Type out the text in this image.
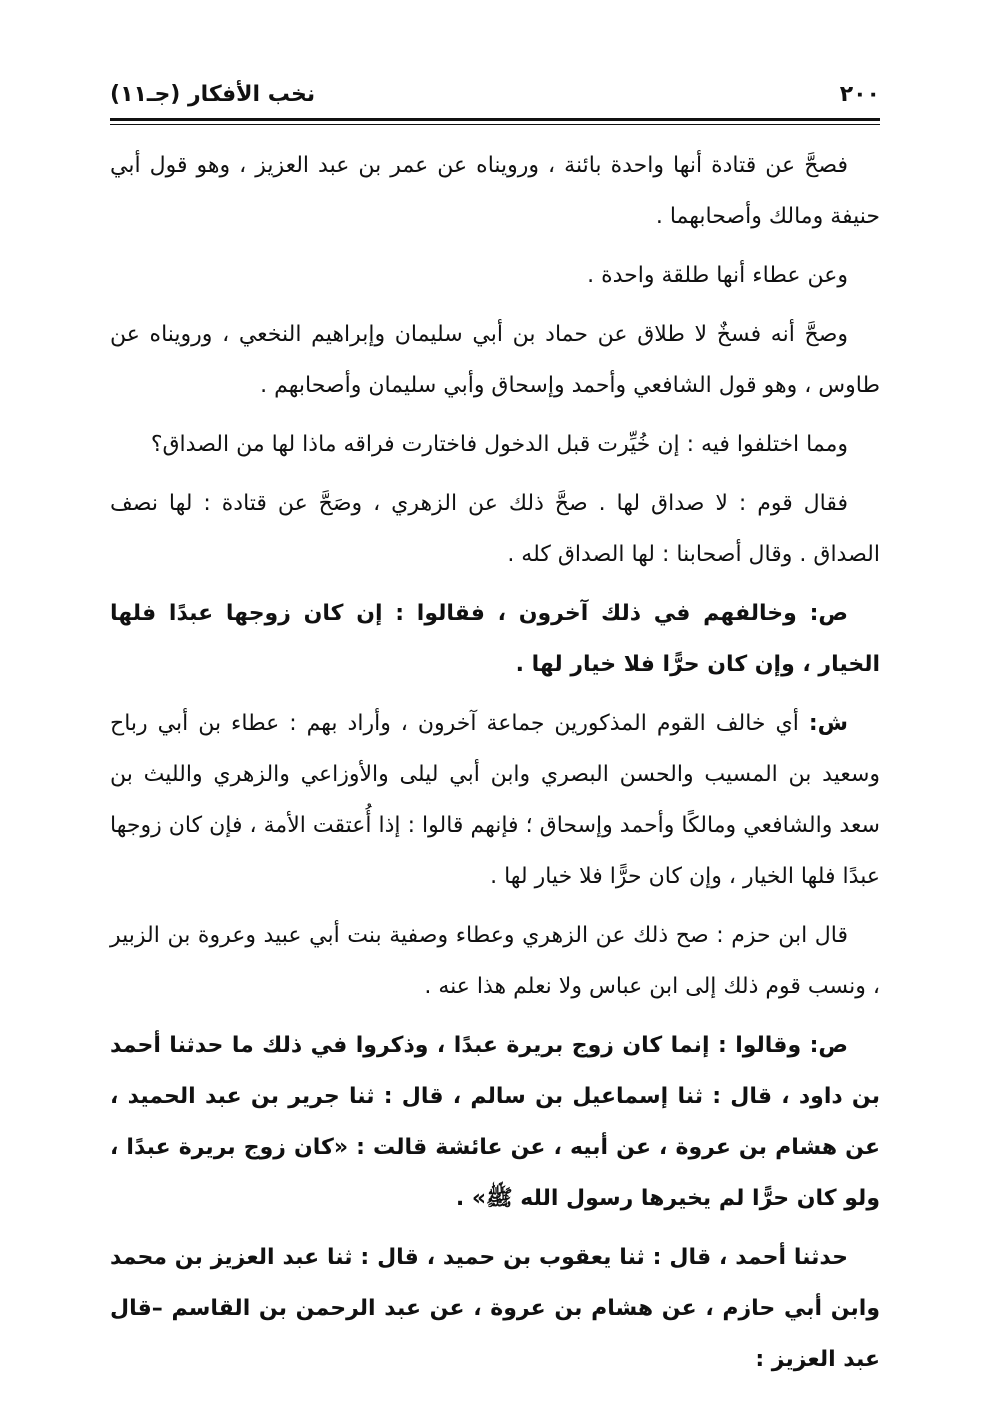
٢٠٠
نخب الأفكار (جـ١١)

فصحَّ عن قتادة أنها واحدة بائنة ، ورويناه عن عمر بن عبد العزيز ، وهو قول أبي حنيفة ومالك وأصحابهما .

وعن عطاء أنها طلقة واحدة .

وصحَّ أنه فسخٌ لا طلاق عن حماد بن أبي سليمان وإبراهيم النخعي ، ورويناه عن طاوس ، وهو قول الشافعي وأحمد وإسحاق وأبي سليمان وأصحابهم .

ومما اختلفوا فيه : إن خُيِّرت قبل الدخول فاختارت فراقه ماذا لها من الصداق؟

فقال قوم : لا صداق لها . صحَّ ذلك عن الزهري ، وصَحَّ عن قتادة : لها نصف الصداق . وقال أصحابنا : لها الصداق كله .

ص: وخالفهم في ذلك آخرون ، فقالوا : إن كان زوجها عبدًا فلها الخيار ، وإن كان حرًّا فلا خيار لها .

ش: أي خالف القوم المذكورين جماعة آخرون ، وأراد بهم : عطاء بن أبي رباح وسعيد بن المسيب والحسن البصري وابن أبي ليلى والأوزاعي والزهري والليث بن سعد والشافعي ومالكًا وأحمد وإسحاق ؛ فإنهم قالوا : إذا أُعتقت الأمة ، فإن كان زوجها عبدًا فلها الخيار ، وإن كان حرًّا فلا خيار لها .

قال ابن حزم : صح ذلك عن الزهري وعطاء وصفية بنت أبي عبيد وعروة بن الزبير ، ونسب قوم ذلك إلى ابن عباس ولا نعلم هذا عنه .

ص: وقالوا : إنما كان زوج بريرة عبدًا ، وذكروا في ذلك ما حدثنا أحمد بن داود ، قال : ثنا إسماعيل بن سالم ، قال : ثنا جرير بن عبد الحميد ، عن هشام بن عروة ، عن أبيه ، عن عائشة قالت : «كان زوج بريرة عبدًا ، ولو كان حرًّا لم يخيرها رسول الله ﷺ» .

حدثنا أحمد ، قال : ثنا يعقوب بن حميد ، قال : ثنا عبد العزيز بن محمد وابن أبي حازم ، عن هشام بن عروة ، عن عبد الرحمن بن القاسم –قال عبد العزيز :
